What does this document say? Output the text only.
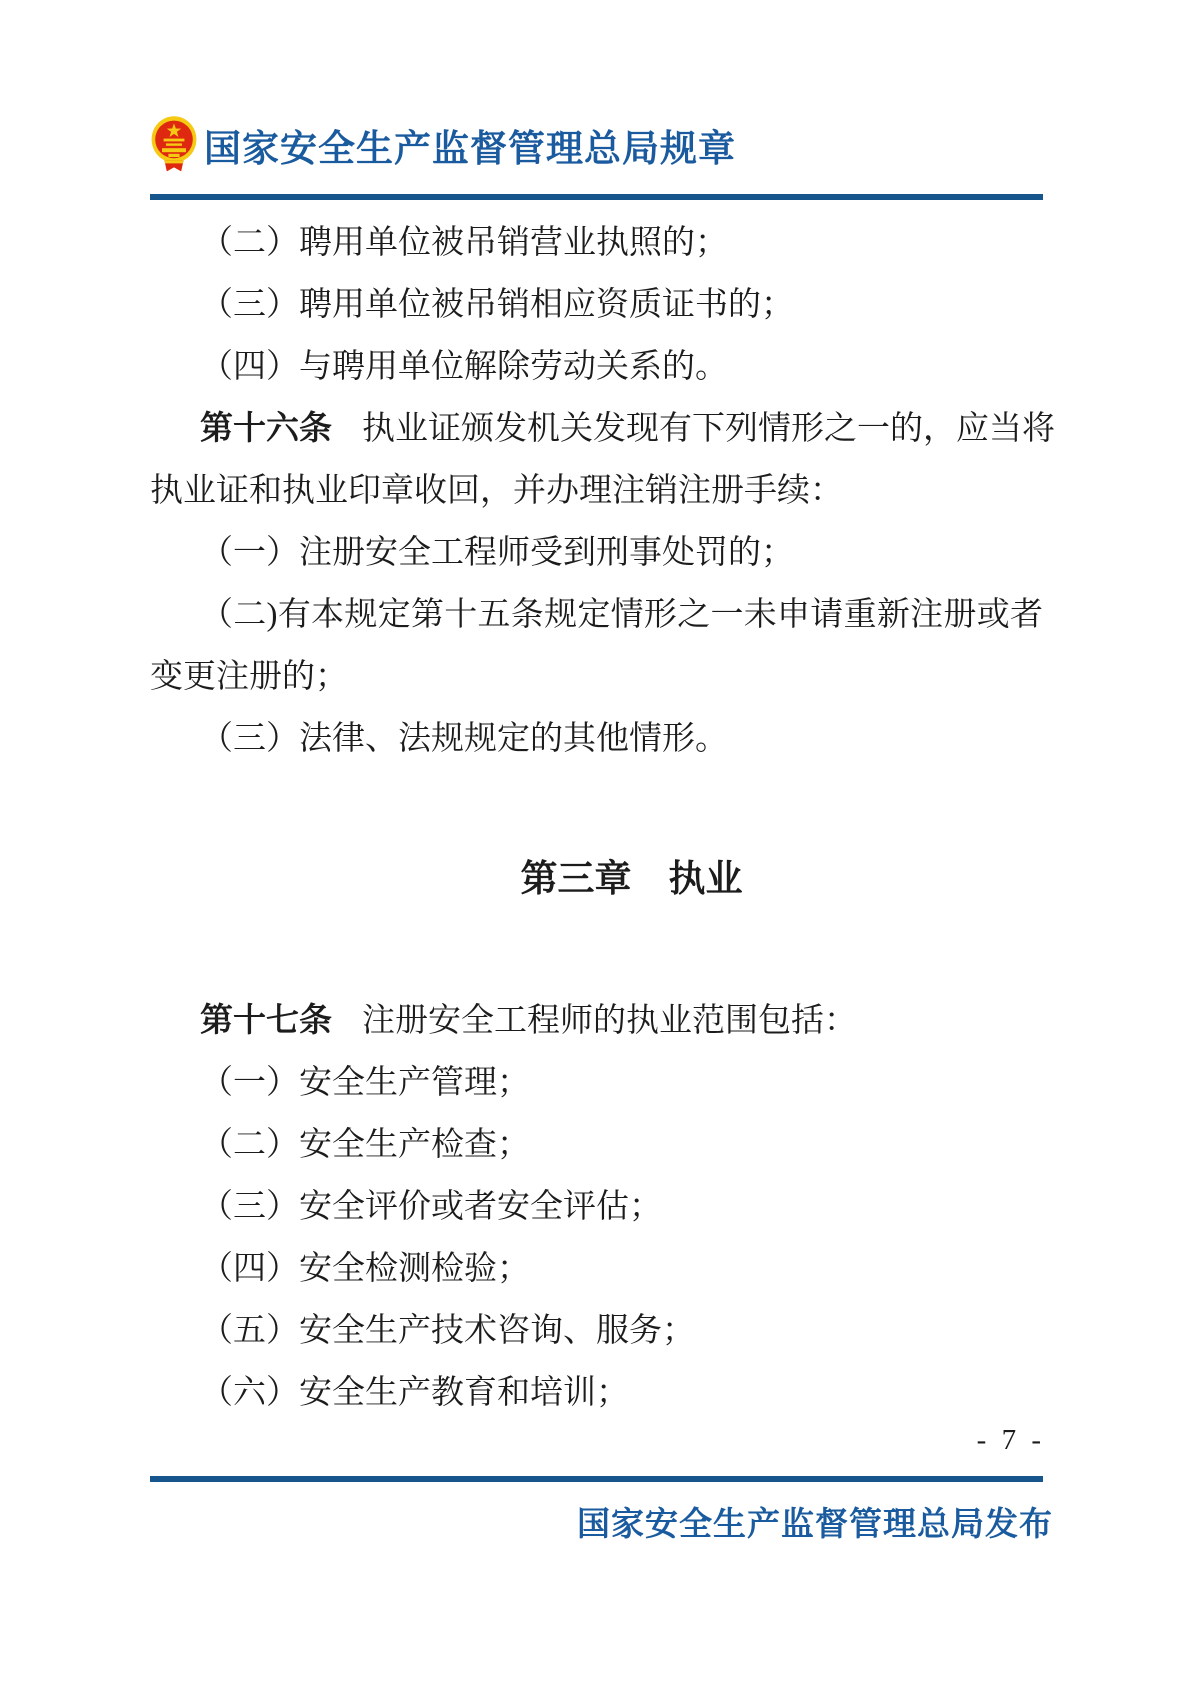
国家安全生产监督管理总局规章

（二）聘用单位被吊销营业执照的；

（三）聘用单位被吊销相应资质证书的；

（四）与聘用单位解除劳动关系的。

第十六条 执业证颁发机关发现有下列情形之一的，应当将

执业证和执业印章收回，并办理注销注册手续：

（一）注册安全工程师受到刑事处罚的；

（二)有本规定第十五条规定情形之一未申请重新注册或者

变更注册的；

（三）法律、法规规定的其他情形。

第三章　执业

第十七条 注册安全工程师的执业范围包括：

（一）安全生产管理；

（二）安全生产检查；

（三）安全评价或者安全评估；

（四）安全检测检验；

（五）安全生产技术咨询、服务；

（六）安全生产教育和培训；

- 7 -
国家安全生产监督管理总局发布
